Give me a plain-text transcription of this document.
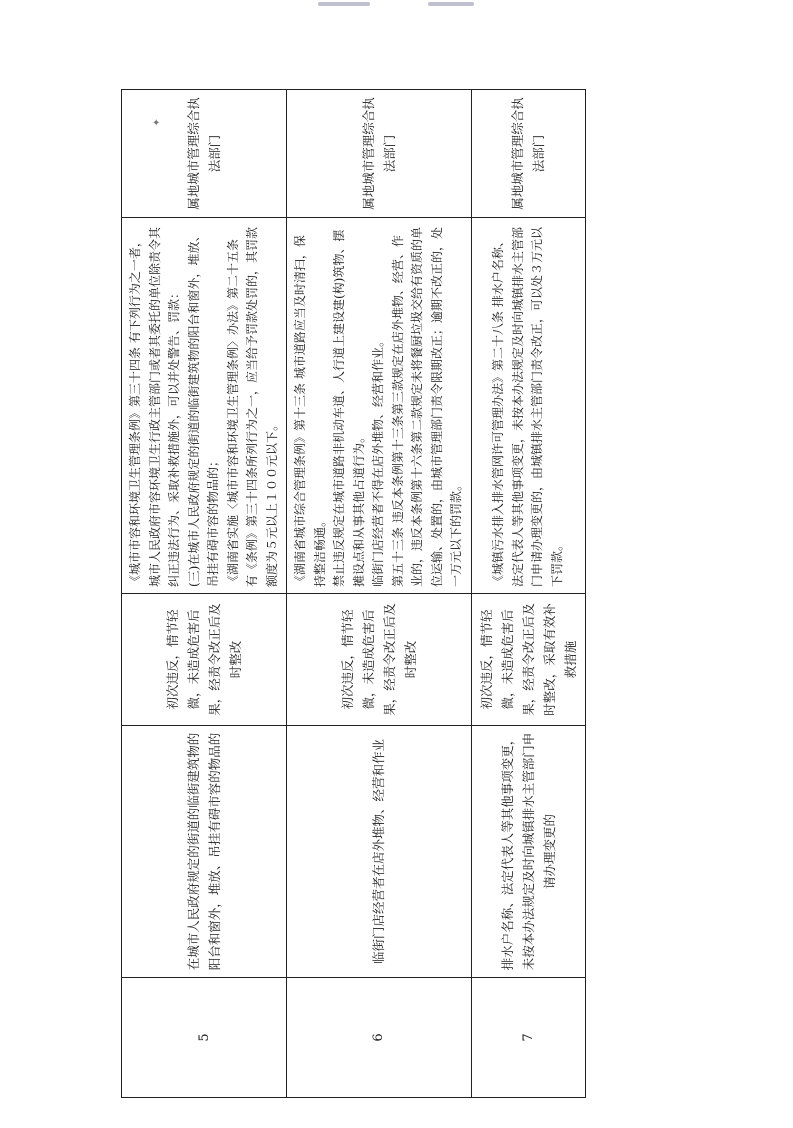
✦
5	在城市人民政府规定的街道的临街建筑物的阳台和窗外，堆放、吊挂有碍市容的物品的	初次违反，情节轻微，未造成危害后果，经责令改正后及时整改	《城市市容和环境卫生管理条例》第三十四条 有下列行为之一者，城市人民政府市容环境卫生行政主管部门或者其委托的单位除责令其纠正违法行为、采取补救措施外，可以并处警告、罚款： (三)在城市人民政府规定的街道的临街建筑物的阳台和窗外，堆放、吊挂有碍市容的物品的； 《湖南省实施〈城市市容和环境卫生管理条例〉办法》第二十五条 有《条例》第三十四条所列行为之一，应当给予罚款处罚的，其罚款额度为５元以上１００元以下。	属地城市管理综合执法部门
6	临街门店经营者在店外堆物、经营和作业	初次违反，情节轻微，未造成危害后果，经责令改正后及时整改	《湖南省城市综合管理条例》第十三条 城市道路应当及时清扫，保持整洁畅通。 禁止违反规定在城市道路非机动车道、人行道上建设建(构)筑物、摆摊设点和从事其他占道行为。 临街门店经营者不得在店外堆物、经营和作业。 第五十三条 违反本条例第十三条第三款规定在店外堆物、经营、作业的，违反本条例第十六条第二款规定未将餐厨垃圾交给有资质的单位运输、处置的，由城市管理部门责令限期改正；逾期不改正的，处一万元以下的罚款。	属地城市管理综合执法部门
7	排水户名称、法定代表人等其他事项变更，未按本办法规定及时向城镇排水主管部门申请办理变更的	初次违反，情节轻微，未造成危害后果，经责令改正后及时整改，采取有效补救措施	《城镇污水排入排水管网许可管理办法》第二十八条 排水户名称、法定代表人等其他事项变更，未按本办法规定及时向城镇排水主管部门申请办理变更的，由城镇排水主管部门责令改正，可以处３万元以下罚款。	属地城市管理综合执法部门
